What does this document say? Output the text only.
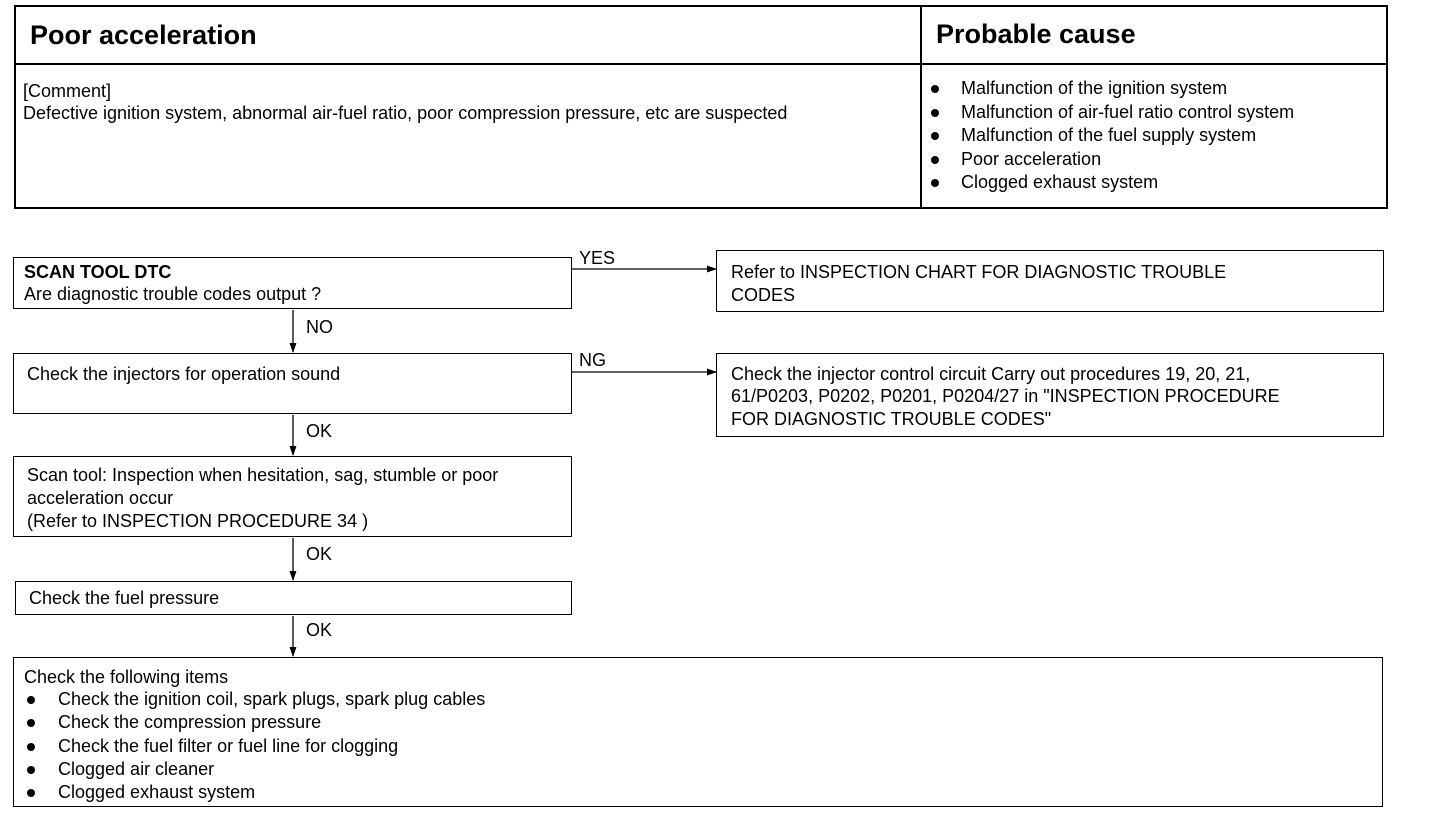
Poor acceleration	Probable cause
[Comment]
Defective ignition system, abnormal air-fuel ratio, poor compression pressure, etc are suspected
Malfunction of the ignition system
Malfunction of air-fuel ratio control system
Malfunction of the fuel supply system
Poor acceleration
Clogged exhaust system
SCAN TOOL DTC
Are diagnostic trouble codes output ?
YES
Refer to INSPECTION CHART FOR DIAGNOSTIC TROUBLE
CODES
NO
Check the injectors for operation sound
NG
Check the injector control circuit Carry out procedures 19, 20, 21,
61/P0203, P0202, P0201, P0204/27 in "INSPECTION PROCEDURE
FOR DIAGNOSTIC TROUBLE CODES"
OK
Scan tool: Inspection when hesitation, sag, stumble or poor
acceleration occur
(Refer to INSPECTION PROCEDURE 34 )
OK
Check the fuel pressure
OK
Check the following items
Check the ignition coil, spark plugs, spark plug cables
Check the compression pressure
Check the fuel filter or fuel line for clogging
Clogged air cleaner
Clogged exhaust system
